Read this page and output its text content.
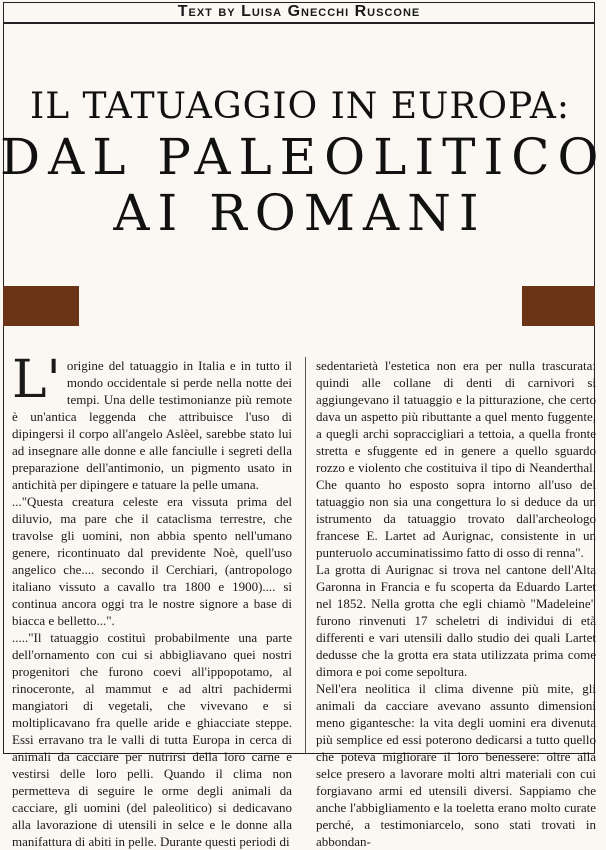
Text by Luisa Gnecchi Ruscone
IL TATUAGGIO IN EUROPA:
DAL PALEOLITICO
AI ROMANI
L' origine del tatuaggio in Italia e in tutto il mondo occidentale si perde nella notte dei tempi. Una delle testimonianze più remote è un'antica leggenda che attribuisce l'uso di dipingersi il corpo all'angelo Aslèel, sarebbe stato lui ad insegnare alle donne e alle fanciulle i segreti della preparazione dell'antimonio, un pigmento usato in antichità per dipingere e tatuare la pelle umana.

..."Questa creatura celeste era vissuta prima del diluvio, ma pare che il cataclisma terrestre, che travolse gli uomini, non abbia spento nell'umano genere, ricontinuato dal previdente Noè, quell'uso angelico che.... secondo il Cerchiari, (antropologo italiano vissuto a cavallo tra 1800 e 1900).... si continua ancora oggi tra le nostre signore a base di biacca e belletto...".

....."Il tatuaggio costituì probabilmente una parte dell'ornamento con cui si abbigliavano quei nostri progenitori che furono coevi all'ippopotamo, al rinoceronte, al mammut e ad altri pachidermi mangiatori di vegetali, che vivevano e si moltiplicavano fra quelle aride e ghiacciate steppe. Essi erravano tra le valli di tutta Europa in cerca di animali da cacciare per nutrirsi della loro carne e vestirsi delle loro pelli. Quando il clima non permetteva di seguire le orme degli animali da cacciare, gli uomini (del paleolitico) si dedicavano alla lavorazione di utensili in selce e le donne alla manifattura di abiti in pelle. Durante questi periodi di

sedentarietà l'estetica non era per nulla trascurata: quindi alle collane di denti di carnivori si aggiungevano il tatuaggio e la pitturazione, che certo dava un aspetto più ributtante a quel mento fuggente, a quegli archi sopraccigliari a tettoia, a quella fronte stretta e sfuggente ed in genere a quello sguardo rozzo e violento che costituiva il tipo di Neanderthal. Che quanto ho esposto sopra intorno all'uso del tatuaggio non sia una congettura lo si deduce da un istrumento da tatuaggio trovato dall'archeologo francese E. Lartet ad Aurignac, consistente in un punteruolo accuminatissimo fatto di osso di renna".

La grotta di Aurignac si trova nel cantone dell'Alta Garonna in Francia e fu scoperta da Eduardo Lartet nel 1852. Nella grotta che egli chiamò "Madeleine" furono rinvenuti 17 scheletri di individui di età differenti e vari utensili dallo studio dei quali Lartet dedusse che la grotta era stata utilizzata prima come dimora e poi come sepoltura.

Nell'era neolitica il clima divenne più mite, gli animali da cacciare avevano assunto dimensioni meno gigantesche: la vita degli uomini era divenuta più semplice ed essi poterono dedicarsi a tutto quello che poteva migliorare il loro benessere: oltre alla selce presero a lavorare molti altri materiali con cui forgiavano armi ed utensili diversi. Sappiamo che anche l'abbigliamento e la toeletta erano molto curate perché, a testimoniarcelo, sono stati trovati in abbondan-
